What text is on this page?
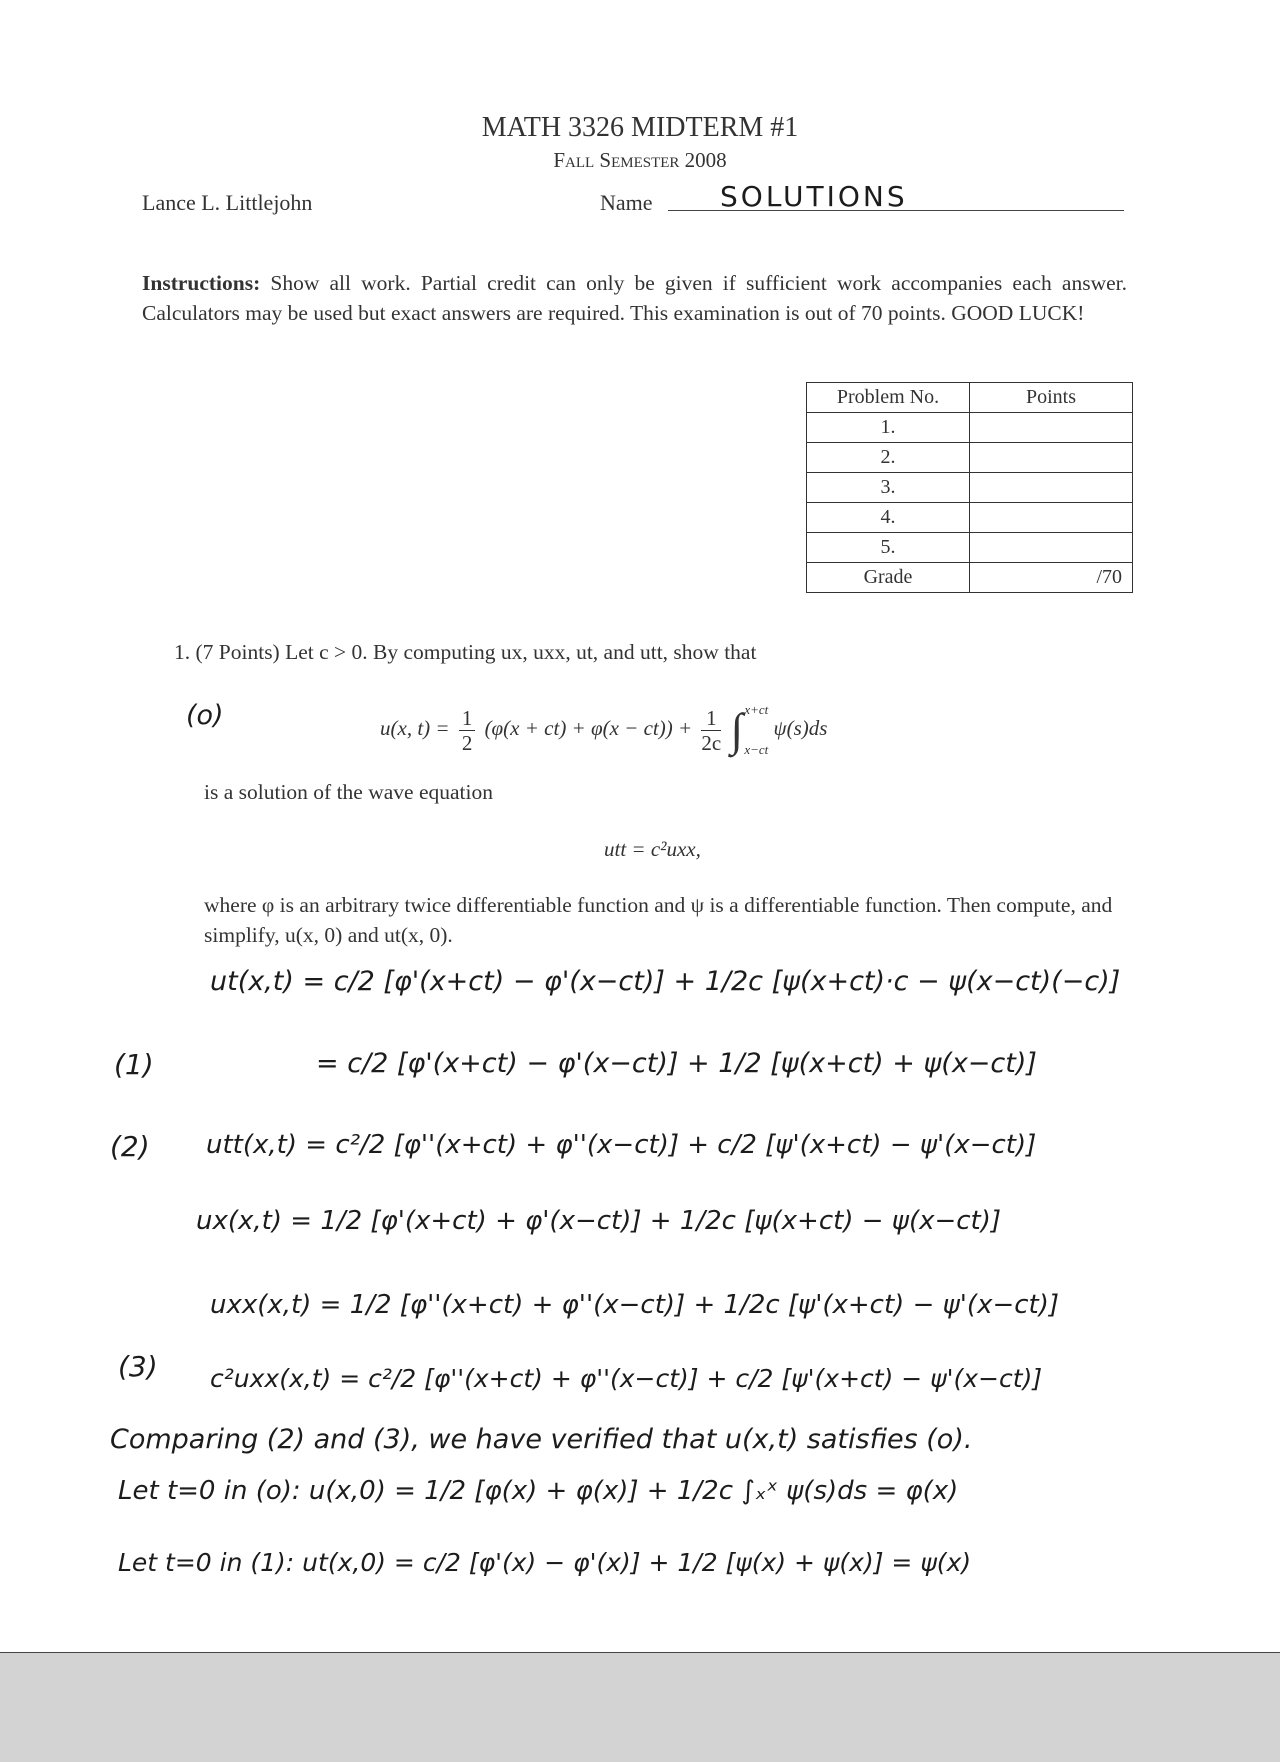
MATH 3326 MIDTERM #1
Fall Semester 2008
Lance L. Littlejohn	Name SOLUTIONS
Instructions: Show all work. Partial credit can only be given if sufficient work accompanies each answer. Calculators may be used but exact answers are required. This examination is out of 70 points. GOOD LUCK!
Problem No.	Points
1.	
2.	
3.	
4.	
5.	
Grade	/70
1. (7 Points) Let c > 0. By computing ux, uxx, ut, and utt, show that
(o)	u(x, $t) = \frac{1}{2} (\varphi(x + ct) + \varphi(x - ct)) + \frac{1}{2c}$ ∫ x+ct
x−ct
ψ(s)ds
is a solution of the wave equation
utt = c²uxx,
where φ is an arbitrary twice differentiable function and ψ is a differentiable function. Then compute, and simplify, u(x, 0) and ut(x, 0).
ut(x,t) = c/2 [φ'(x+ct) − φ'(x−ct)] + 1/2c [ψ(x+ct)·c − ψ(x−ct)(−c)]
(1)	= c/2 [φ'(x+ct) − φ'(x−ct)] + 1/2 [ψ(x+ct) + ψ(x−ct)]
(2) utt(x,t) = c²/2 [φ''(x+ct) + φ''(x−ct)] + c/2 [ψ'(x+ct) − ψ'(x−ct)]
ux(x,t) = 1/2 [φ'(x+ct) + φ'(x−ct)] + 1/2c [ψ(x+ct) − ψ(x−ct)]
uxx(x,t) = 1/2 [φ''(x+ct) + φ''(x−ct)] + 1/2c [ψ'(x+ct) − ψ'(x−ct)]
(3) c²uxx(x,t) = c²/2 [φ''(x+ct) + φ''(x−ct)] + c/2 [ψ'(x+ct) − ψ'(x−ct)]
Comparing (2) and (3), we have verified that u(x,t) satisfies (o).
Let t=0 in (o): u(x,0) = 1/2 [φ(x) + φ(x)] + 1/2c ∫ₓˣ ψ(s)ds = φ(x)
Let t=0 in (1): ut(x,0) = c/2 [φ'(x) − φ'(x)] + 1/2 [ψ(x) + ψ(x)] = ψ(x)
